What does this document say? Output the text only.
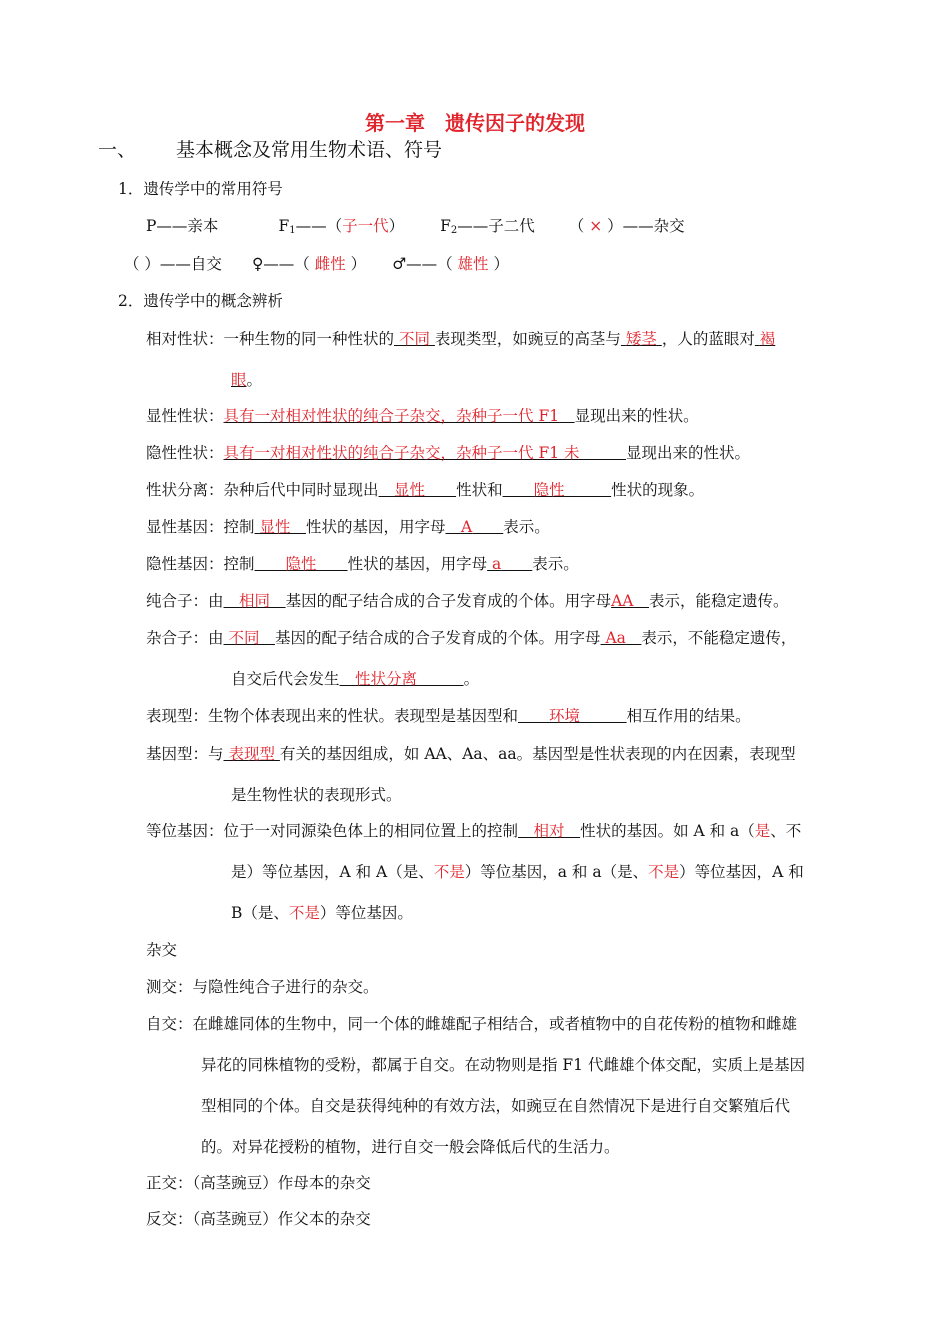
第一章　遗传因子的发现
一、 基本概念及常用生物术语、符号
1．遗传学中的常用符号
P——亲本	$F_1——$（子一代） $F_2——$子二代 （ × ）——杂交
（ ）——自交 ♀——（ 雌性 ） ♂——（ 雄性 ）
2．遗传学中的概念辨析
相对性状：一种生物的同一种性状的 不同 表现类型，如豌豆的高茎与 矮茎 ，人的蓝眼对 褐
眼。
显性性状：具有一对相对性状的纯合子杂交，杂种子一代 F1　 显现出来的性状。
隐性性状：具有一对相对性状的纯合子杂交，杂种子一代 F1 未　　　	显现出来的性状。
性状分离：杂种后代中同时显现出　 显性　　 性状和　　 隐性　　　	性状的现象。
显性基因：控制 显性　 性状的基因，用字母　 A　　 表示。
隐性基因：控制　　 隐性　　 性状的基因，用字母 a　　 表示。
纯合子：由　 相同　 基因的配子结合成的合子发育成的个体。用字母AA　 表示，能稳定遗传。
杂合子：由 不同　 基因的配子结合成的合子发育成的个体。用字母 Aa　 表示，不能稳定遗传，
自交后代会发生　 性状分离　　　	。
表现型：生物个体表现出来的性状。表现型是基因型和　　 环境　　　	相互作用的结果。
基因型：与 表现型 有关的基因组成，如 AA、Aa、aa。基因型是性状表现的内在因素，表现型
是生物性状的表现形式。
等位基因：位于一对同源染色体上的相同位置上的控制　 相对　 性状的基因。如 A 和 a（是、不
是）等位基因，A 和 A（是、不是）等位基因，a 和 a（是、不是）等位基因，A 和
B（是、不是）等位基因。
杂交
测交：与隐性纯合子进行的杂交。
自交：在雌雄同体的生物中，同一个体的雌雄配子相结合，或者植物中的自花传粉的植物和雌雄
异花的同株植物的受粉，都属于自交。在动物则是指 F1 代雌雄个体交配，实质上是基因
型相同的个体。自交是获得纯种的有效方法，如豌豆在自然情况下是进行自交繁殖后代
的。对异花授粉的植物，进行自交一般会降低后代的生活力。
正交：（高茎豌豆）作母本的杂交
反交：（高茎豌豆）作父本的杂交
